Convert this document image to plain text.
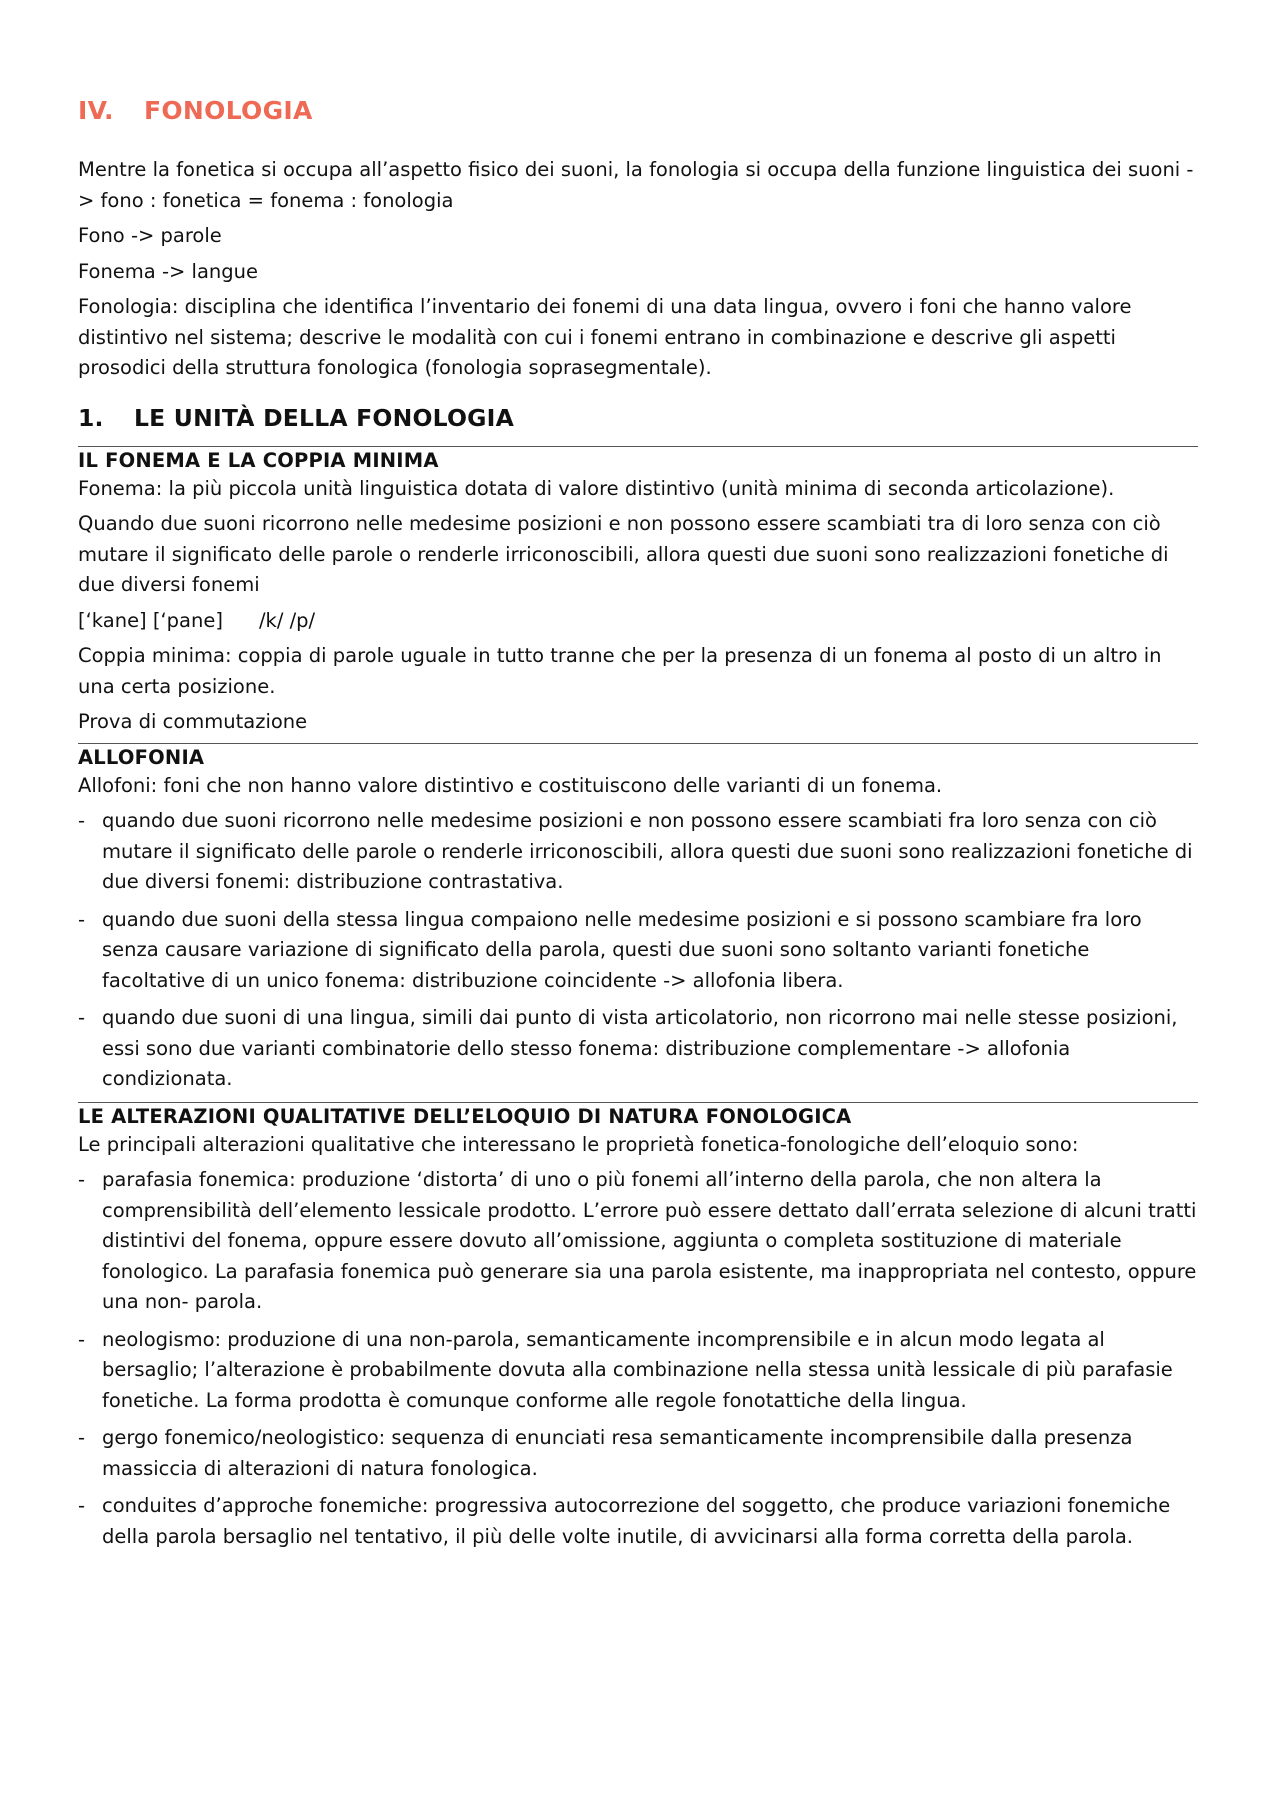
IV. FONOLOGIA

Mentre la fonetica si occupa all’aspetto fisico dei suoni, la fonologia si occupa della funzione linguistica dei suoni -> fono : fonetica = fonema : fonologia

Fono -> parole

Fonema -> langue

Fonologia: disciplina che identifica l’inventario dei fonemi di una data lingua, ovvero i foni che hanno valore distintivo nel sistema; descrive le modalità con cui i fonemi entrano in combinazione e descrive gli aspetti prosodici della struttura fonologica (fonologia soprasegmentale).

1. LE UNITÀ DELLA FONOLOGIA
IL FONEMA E LA COPPIA MINIMA

Fonema: la più piccola unità linguistica dotata di valore distintivo (unità minima di seconda articolazione).

Quando due suoni ricorrono nelle medesime posizioni e non possono essere scambiati tra di loro senza con ciò mutare il significato delle parole o renderle irriconoscibili, allora questi due suoni sono realizzazioni fonetiche di due diversi fonemi

[‘kane] [‘pane] /k/ /p/

Coppia minima: coppia di parole uguale in tutto tranne che per la presenza di un fonema al posto di un altro in una certa posizione.

Prova di commutazione

ALLOFONIA

Allofoni: foni che non hanno valore distintivo e costituiscono delle varianti di un fonema.

- quando due suoni ricorrono nelle medesime posizioni e non possono essere scambiati fra loro senza con ciò mutare il significato delle parole o renderle irriconoscibili, allora questi due suoni sono realizzazioni fonetiche di due diversi fonemi: distribuzione contrastativa.
- quando due suoni della stessa lingua compaiono nelle medesime posizioni e si possono scambiare fra loro senza causare variazione di significato della parola, questi due suoni sono soltanto varianti fonetiche facoltative di un unico fonema: distribuzione coincidente -> allofonia libera.
- quando due suoni di una lingua, simili dai punto di vista articolatorio, non ricorrono mai nelle stesse posizioni, essi sono due varianti combinatorie dello stesso fonema: distribuzione complementare -> allofonia condizionata.
LE ALTERAZIONI QUALITATIVE DELL’ELOQUIO DI NATURA FONOLOGICA

Le principali alterazioni qualitative che interessano le proprietà fonetica-fonologiche dell’eloquio sono:

- parafasia fonemica: produzione ‘distorta’ di uno o più fonemi all’interno della parola, che non altera la comprensibilità dell’elemento lessicale prodotto. L’errore può essere dettato dall’errata selezione di alcuni tratti distintivi del fonema, oppure essere dovuto all’omissione, aggiunta o completa sostituzione di materiale fonologico. La parafasia fonemica può generare sia una parola esistente, ma inappropriata nel contesto, oppure una non- parola.
- neologismo: produzione di una non-parola, semanticamente incomprensibile e in alcun modo legata al bersaglio; l’alterazione è probabilmente dovuta alla combinazione nella stessa unità lessicale di più parafasie fonetiche. La forma prodotta è comunque conforme alle regole fonotattiche della lingua.
- gergo fonemico/neologistico: sequenza di enunciati resa semanticamente incomprensibile dalla presenza massiccia di alterazioni di natura fonologica.
- conduites d’approche fonemiche: progressiva autocorrezione del soggetto, che produce variazioni fonemiche della parola bersaglio nel tentativo, il più delle volte inutile, di avvicinarsi alla forma corretta della parola.
